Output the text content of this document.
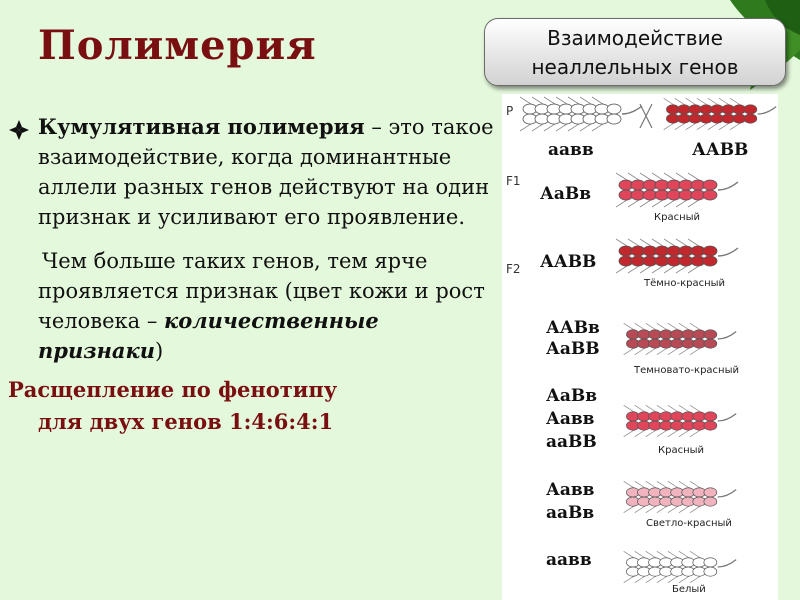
Полимерия	Взаимодействие
неаллельных генов

Кумулятивная полимерия – это такое взаимодействие, когда доминантные аллели разных генов действуют на один признак и усиливают его проявление.

Чем больше таких генов, тем ярче проявляется признак (цвет кожи и рост человека – количественные признаки)

Расщепление по фенотипу
для двух генов 1:4:6:4:1

P
F1
F2
аавв	ААВВ
АаВв
Красный
ААВВ
Тёмно-красный
ААВв
АаВВ
Темновато-красный
АаВв
Аавв
ааВВ	Красный
Аавв
ааВв
Светло-красный
аавв
Белый
